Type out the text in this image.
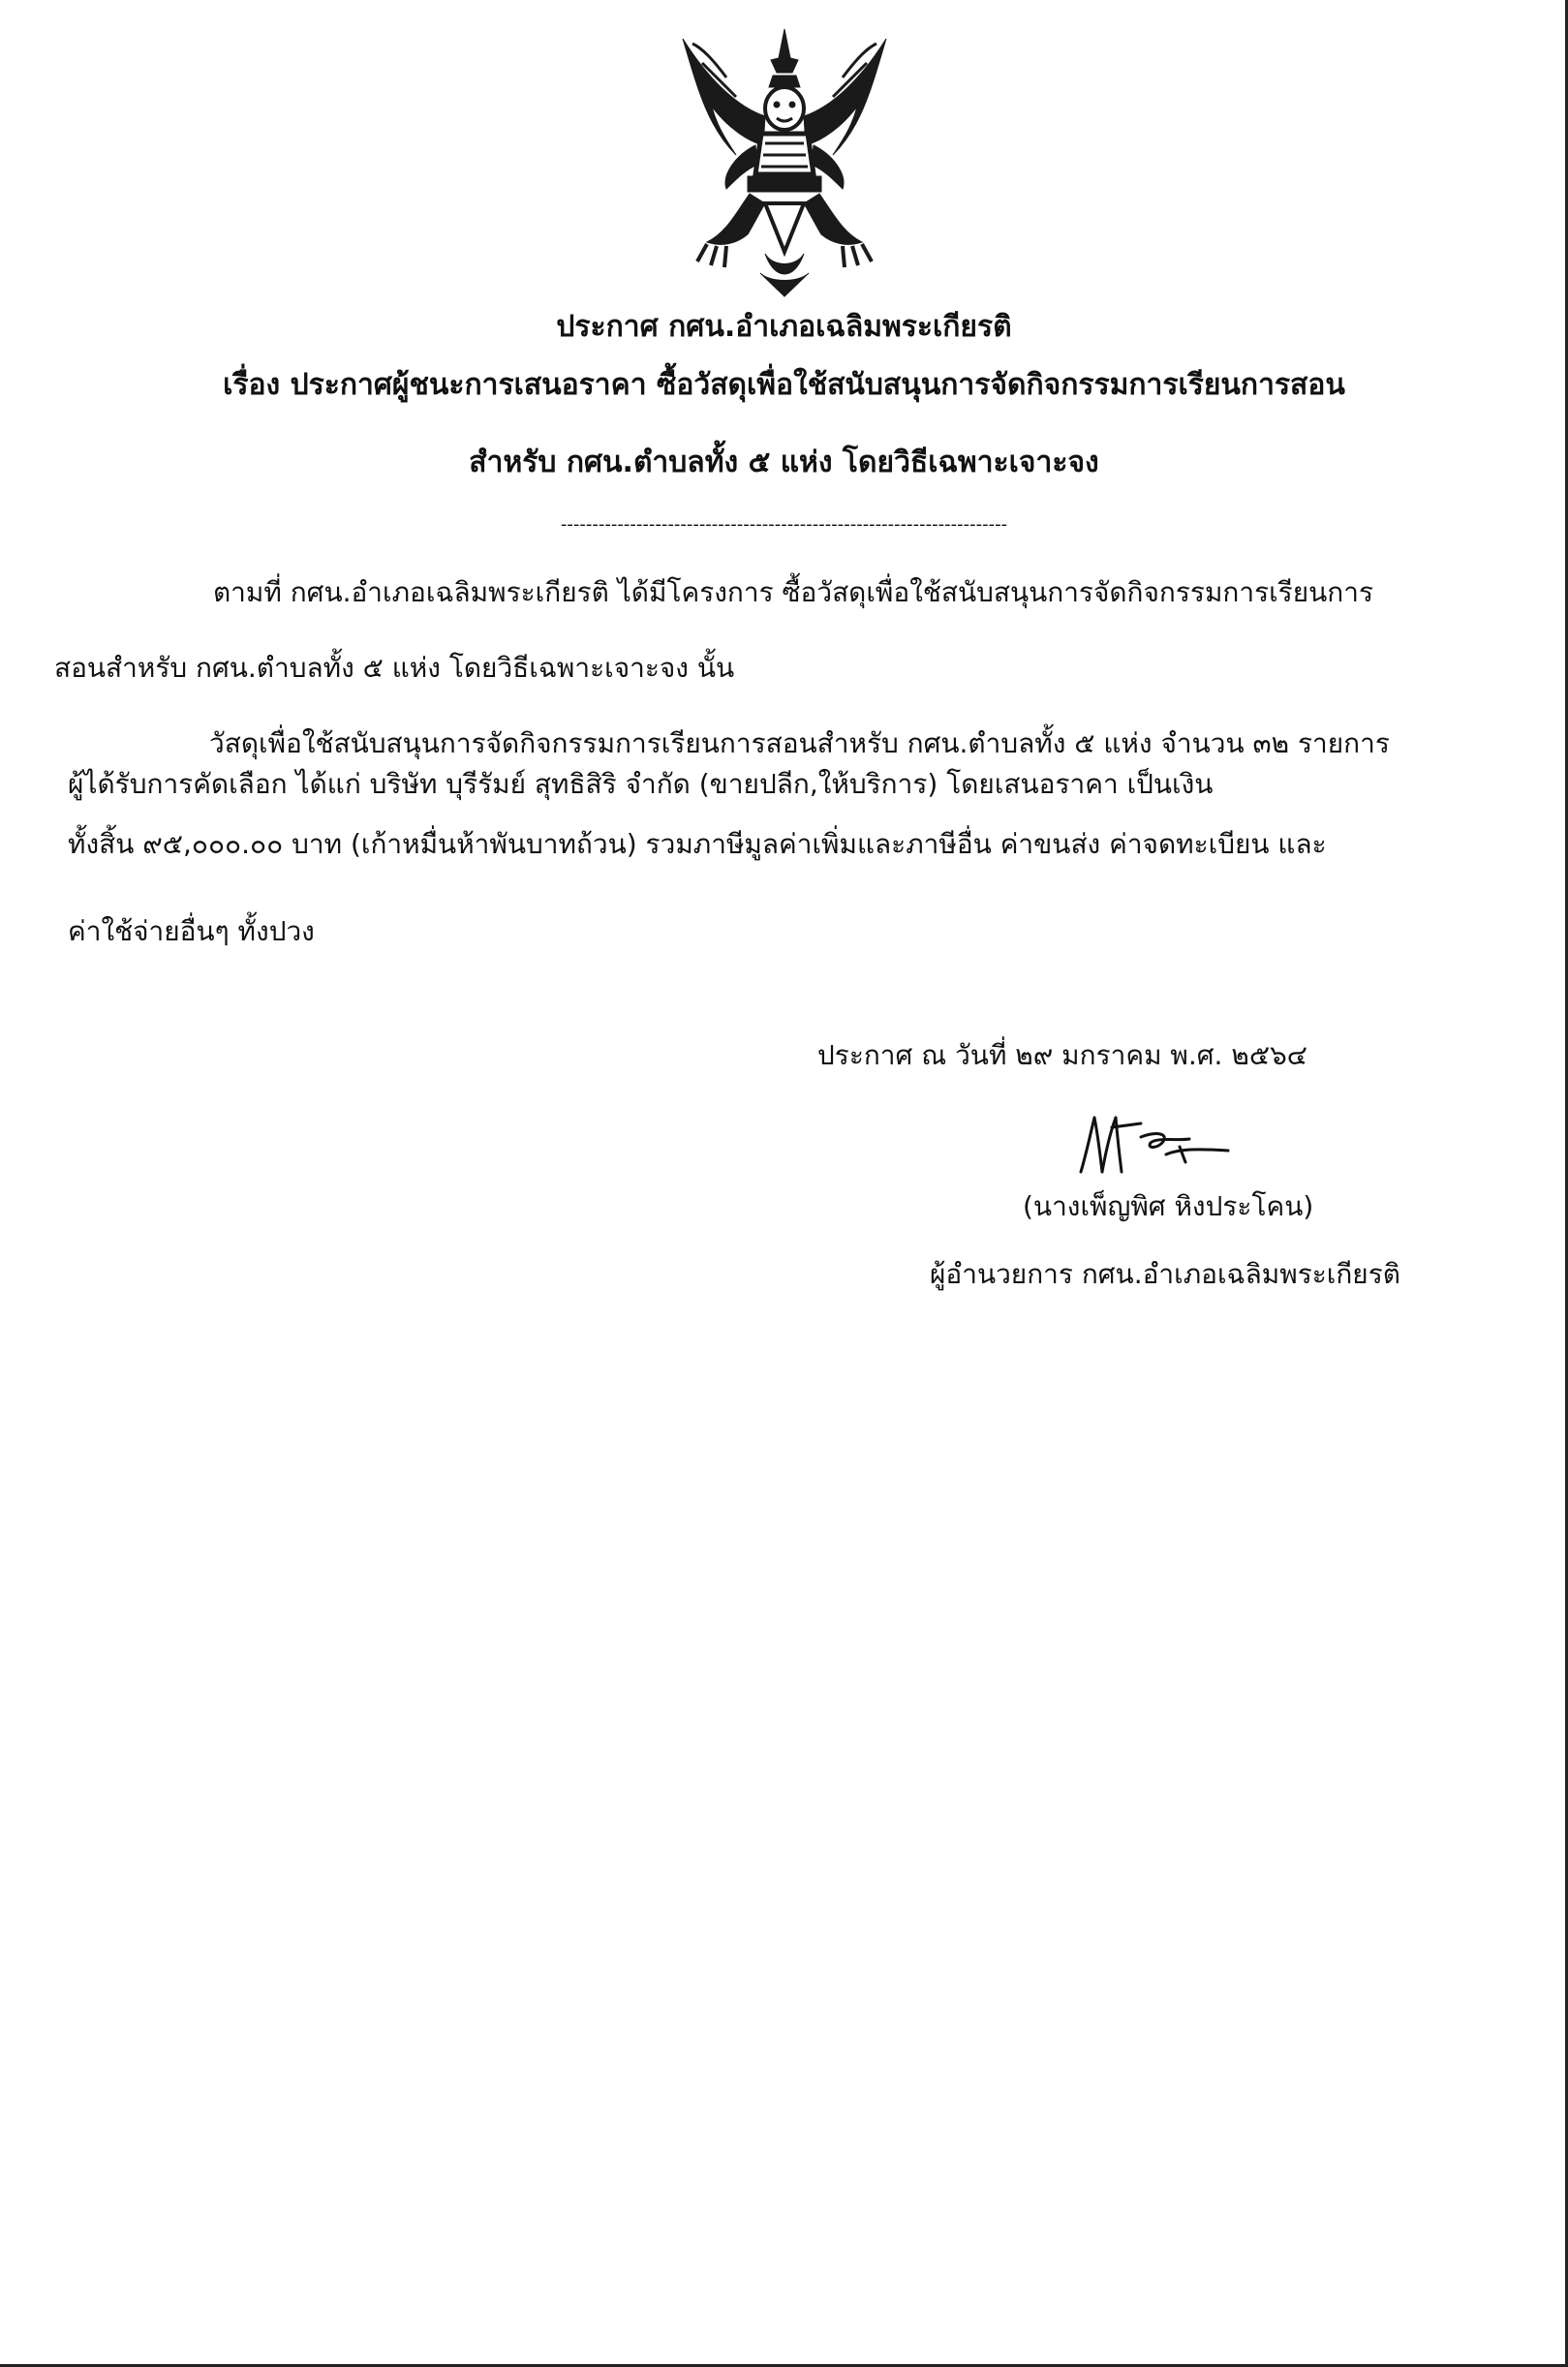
ประกาศ กศน.อำเภอเฉลิมพระเกียรติ
เรื่อง ประกาศผู้ชนะการเสนอราคา ซื้อวัสดุเพื่อใช้สนับสนุนการจัดกิจกรรมการเรียนการสอน
สำหรับ กศน.ตำบลทั้ง ๕ แห่ง โดยวิธีเฉพาะเจาะจง
-----------------------------------------------------------------------
ตามที่ กศน.อำเภอเฉลิมพระเกียรติ ได้มีโครงการ ซื้อวัสดุเพื่อใช้สนับสนุนการจัดกิจกรรมการเรียนการ
สอนสำหรับ กศน.ตำบลทั้ง ๕ แห่ง โดยวิธีเฉพาะเจาะจง นั้น
วัสดุเพื่อใช้สนับสนุนการจัดกิจกรรมการเรียนการสอนสำหรับ กศน.ตำบลทั้ง ๕ แห่ง จำนวน ๓๒ รายการ
ผู้ได้รับการคัดเลือก ได้แก่ บริษัท บุรีรัมย์ สุทธิสิริ จำกัด (ขายปลีก,ให้บริการ) โดยเสนอราคา เป็นเงิน
ทั้งสิ้น ๙๕,๐๐๐.๐๐ บาท (เก้าหมื่นห้าพันบาทถ้วน) รวมภาษีมูลค่าเพิ่มและภาษีอื่น ค่าขนส่ง ค่าจดทะเบียน และ
ค่าใช้จ่ายอื่นๆ ทั้งปวง
ประกาศ ณ วันที่ ๒๙ มกราคม พ.ศ. ๒๕๖๔
(นางเพ็ญพิศ หิงประโคน)
ผู้อำนวยการ กศน.อำเภอเฉลิมพระเกียรติ
